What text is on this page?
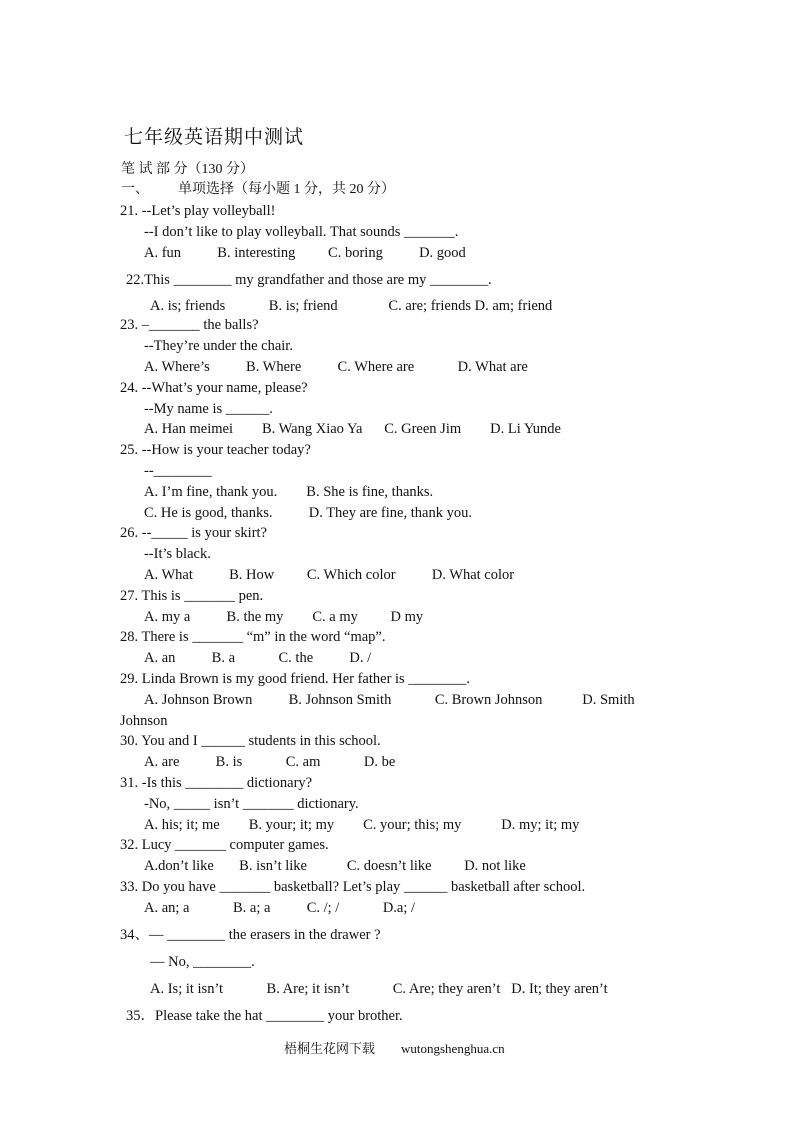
七年级英语期中测试
笔 试 部 分（130 分）
一、 单项选择（每小题 1 分，共 20 分）
21. --Let’s play volleyball!
--I don’t like to play volleyball. That sounds _______.
A. fun          B. interesting         C. boring          D. good
22.This ________ my grandfather and those are my ________.
A. is; friends            B. is; friend              C. are; friends D. am; friend
23. –_______ the balls?
--They’re under the chair.
A. Where’s          B. Where          C. Where are            D. What are
24. --What’s your name, please?
--My name is ______.
A. Han meimei        B. Wang Xiao Ya      C. Green Jim        D. Li Yunde
25. --How is your teacher today?
--________
A. I’m fine, thank you.        B. She is fine, thanks.
C. He is good, thanks.          D. They are fine, thank you.
26. --_____ is your skirt?
--It’s black.
A. What          B. How         C. Which color          D. What color
27. This is _______ pen.
A. my a          B. the my        C. a my         D my
28. There is _______ “m” in the word “map”.
A. an          B. a            C. the          D. /
29. Linda Brown is my good friend. Her father is ________.
A. Johnson Brown          B. Johnson Smith            C. Brown Johnson           D. Smith
Johnson
30. You and I ______ students in this school.
A. are          B. is            C. am            D. be
31. -Is this ________ dictionary?
-No, _____ isn’t _______ dictionary.
A. his; it; me        B. your; it; my        C. your; this; my           D. my; it; my
32. Lucy _______ computer games.
A.don’t like       B. isn’t like           C. doesn’t like         D. not like
33. Do you have _______ basketball? Let’s play ______ basketball after school.
A. an; a            B. a; a          C. /; /            D.a; /
34、— ________ the erasers in the drawer ?
— No, ________.
A. Is; it isn’t            B. Are; it isn’t            C. Are; they aren’t   D. It; they aren’t
35．Please take the hat ________ your brother.
梧桐生花网下载        wutongshenghua.cn
